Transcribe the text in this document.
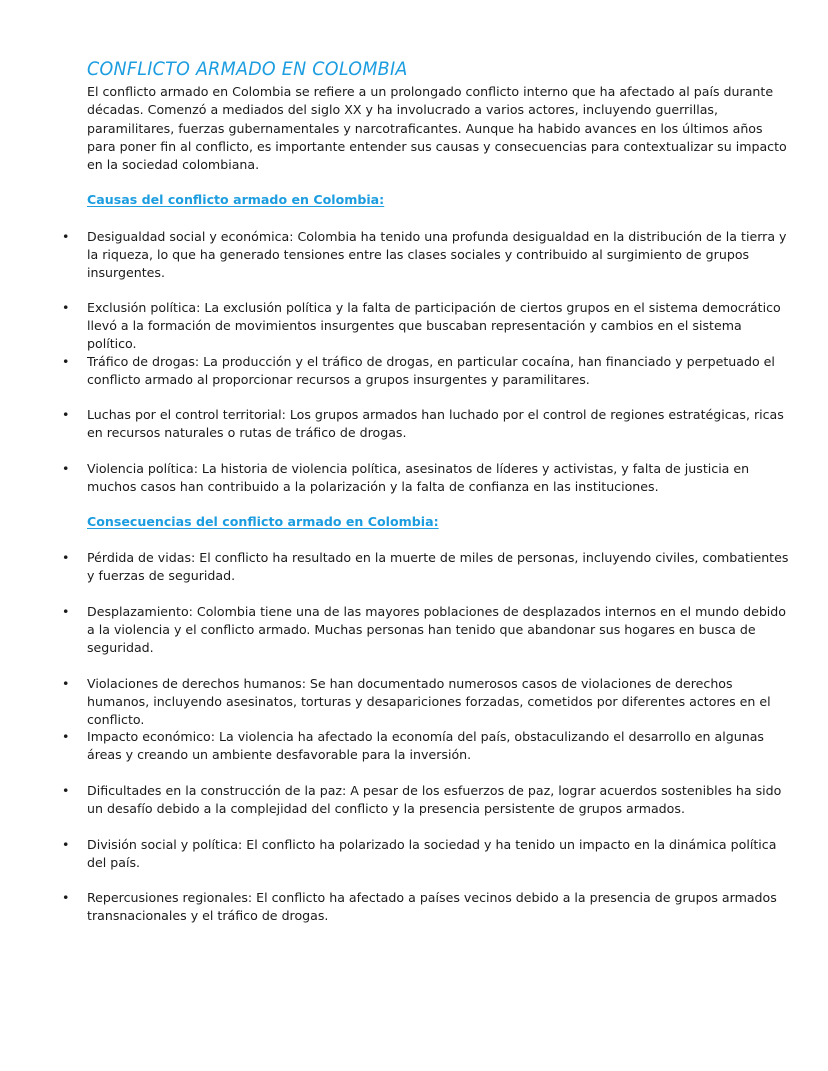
CONFLICTO ARMADO EN COLOMBIA

El conflicto armado en Colombia se refiere a un prolongado conflicto interno que ha afectado al país durante décadas. Comenzó a mediados del siglo XX y ha involucrado a varios actores, incluyendo guerrillas, paramilitares, fuerzas gubernamentales y narcotraficantes. Aunque ha habido avances en los últimos años para poner fin al conflicto, es importante entender sus causas y consecuencias para contextualizar su impacto en la sociedad colombiana.

Causas del conflicto armado en Colombia:
• Desigualdad social y económica: Colombia ha tenido una profunda desigualdad en la distribución de la tierra y la riqueza, lo que ha generado tensiones entre las clases sociales y contribuido al surgimiento de grupos insurgentes.

• Exclusión política: La exclusión política y la falta de participación de ciertos grupos en el sistema democrático llevó a la formación de movimientos insurgentes que buscaban representación y cambios en el sistema político.

• Tráfico de drogas: La producción y el tráfico de drogas, en particular cocaína, han financiado y perpetuado el conflicto armado al proporcionar recursos a grupos insurgentes y paramilitares.

• Luchas por el control territorial: Los grupos armados han luchado por el control de regiones estratégicas, ricas en recursos naturales o rutas de tráfico de drogas.

• Violencia política: La historia de violencia política, asesinatos de líderes y activistas, y falta de justicia en muchos casos han contribuido a la polarización y la falta de confianza en las instituciones.

Consecuencias del conflicto armado en Colombia:
• Pérdida de vidas: El conflicto ha resultado en la muerte de miles de personas, incluyendo civiles, combatientes y fuerzas de seguridad.

• Desplazamiento: Colombia tiene una de las mayores poblaciones de desplazados internos en el mundo debido a la violencia y el conflicto armado. Muchas personas han tenido que abandonar sus hogares en busca de seguridad.

• Violaciones de derechos humanos: Se han documentado numerosos casos de violaciones de derechos humanos, incluyendo asesinatos, torturas y desapariciones forzadas, cometidos por diferentes actores en el conflicto.

• Impacto económico: La violencia ha afectado la economía del país, obstaculizando el desarrollo en algunas áreas y creando un ambiente desfavorable para la inversión.

• Dificultades en la construcción de la paz: A pesar de los esfuerzos de paz, lograr acuerdos sostenibles ha sido un desafío debido a la complejidad del conflicto y la presencia persistente de grupos armados.

• División social y política: El conflicto ha polarizado la sociedad y ha tenido un impacto en la dinámica política del país.

• Repercusiones regionales: El conflicto ha afectado a países vecinos debido a la presencia de grupos armados transnacionales y el tráfico de drogas.
